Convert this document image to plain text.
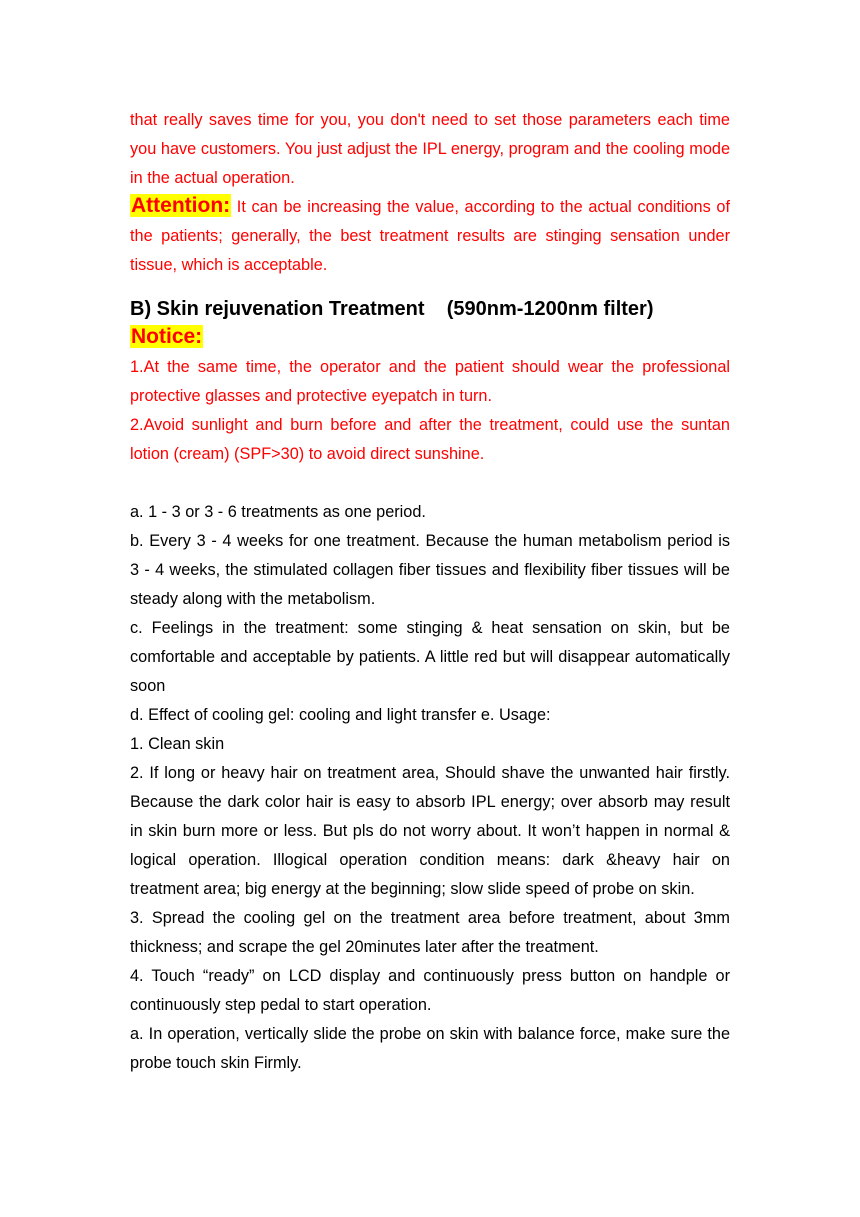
that really saves time for you, you don't need to set those parameters each time you have customers. You just adjust the IPL energy, program and the cooling mode in the actual operation.

Attention: It can be increasing the value, according to the actual conditions of the patients; generally, the best treatment results are stinging sensation under tissue, which is acceptable.

B) Skin rejuvenation Treatment    (590nm-1200nm filter)

Notice:

1.At the same time, the operator and the patient should wear the professional protective glasses and protective eyepatch in turn.

2.Avoid sunlight and burn before and after the treatment, could use the suntan lotion (cream) (SPF>30) to avoid direct sunshine.

a. 1 - 3 or 3 - 6 treatments as one period.

b. Every 3 - 4 weeks for one treatment. Because the human metabolism period is 3 - 4 weeks, the stimulated collagen fiber tissues and flexibility fiber tissues will be steady along with the metabolism.

c. Feelings in the treatment: some stinging & heat sensation on skin, but be comfortable and acceptable by patients. A little red but will disappear automatically soon

d. Effect of cooling gel: cooling and light transfer e. Usage:

1. Clean skin

2. If long or heavy hair on treatment area, Should shave the unwanted hair firstly. Because the dark color hair is easy to absorb IPL energy; over absorb may result in skin burn more or less. But pls do not worry about. It won’t happen in normal & logical operation. Illogical operation condition means: dark &heavy hair on treatment area; big energy at the beginning; slow slide speed of probe on skin.

3. Spread the cooling gel on the treatment area before treatment, about 3mm thickness; and scrape the gel 20minutes later after the treatment.

4. Touch “ready” on LCD display and continuously press button on handple or continuously step pedal to start operation.

a. In operation, vertically slide the probe on skin with balance force, make sure the probe touch skin Firmly.
